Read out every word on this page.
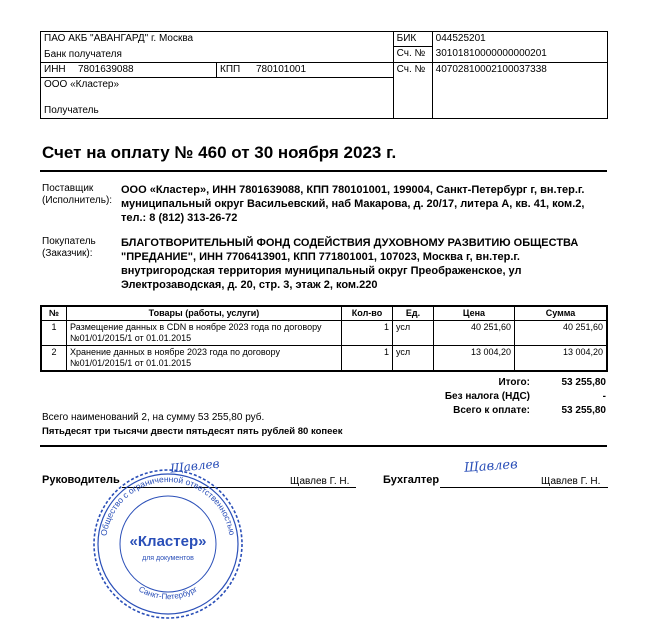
ПАО АКБ "АВАНГАРД" г. Москва				БИК	044525201
Банк получателя				Сч. №	30101810000000000201
ИНН	7801639088	КПП	780101001	Сч. №	40702810002100037338
ООО «Кластер»					
Получатель					
Счет на оплату № 460 от 30 ноября 2023 г.
Поставщик
(Исполнитель):
ООО «Кластер», ИНН 7801639088, КПП 780101001, 199004, Санкт-Петербург г, вн.тер.г. муниципальный округ Васильевский, наб Макарова, д. 20/17, литера А, кв. 41, ком.2, тел.: 8 (812) 313-26-72
Покупатель
(Заказчик):
БЛАГОТВОРИТЕЛЬНЫЙ ФОНД СОДЕЙСТВИЯ ДУХОВНОМУ РАЗВИТИЮ ОБЩЕСТВА "ПРЕДАНИЕ", ИНН 7706413901, КПП 771801001, 107023, Москва г, вн.тер.г. внутригородская территория муниципальный округ Преображенское, ул Электрозаводская, д. 20, стр. 3, этаж 2, ком.220
№	Товары (работы, услуги)	Кол-во	Ед.	Цена	Сумма
1	Размещение данных в CDN в ноябре 2023 года по договору №01/01/2015/1 от 01.01.2015	1	усл	40 251,60	40 251,60
2	Хранение данных в ноябре 2023 года по договору №01/01/2015/1 от 01.01.2015	1	усл	13 004,20	13 004,20
Итого:	53 255,80
Без налога (НДС)	-
Всего к оплате:	53 255,80
Всего наименований 2, на сумму 53 255,80 руб.
Пятьдесят три тысячи двести пятьдесят пять рублей 80 копеек
Руководитель	Щавлев Г. Н.	Бухгалтер	Щавлев Г. Н.
Щавлев	Щавлев
Общество с ограниченной ответственностью
«Кластер»
для документов
Санкт-Петербург
